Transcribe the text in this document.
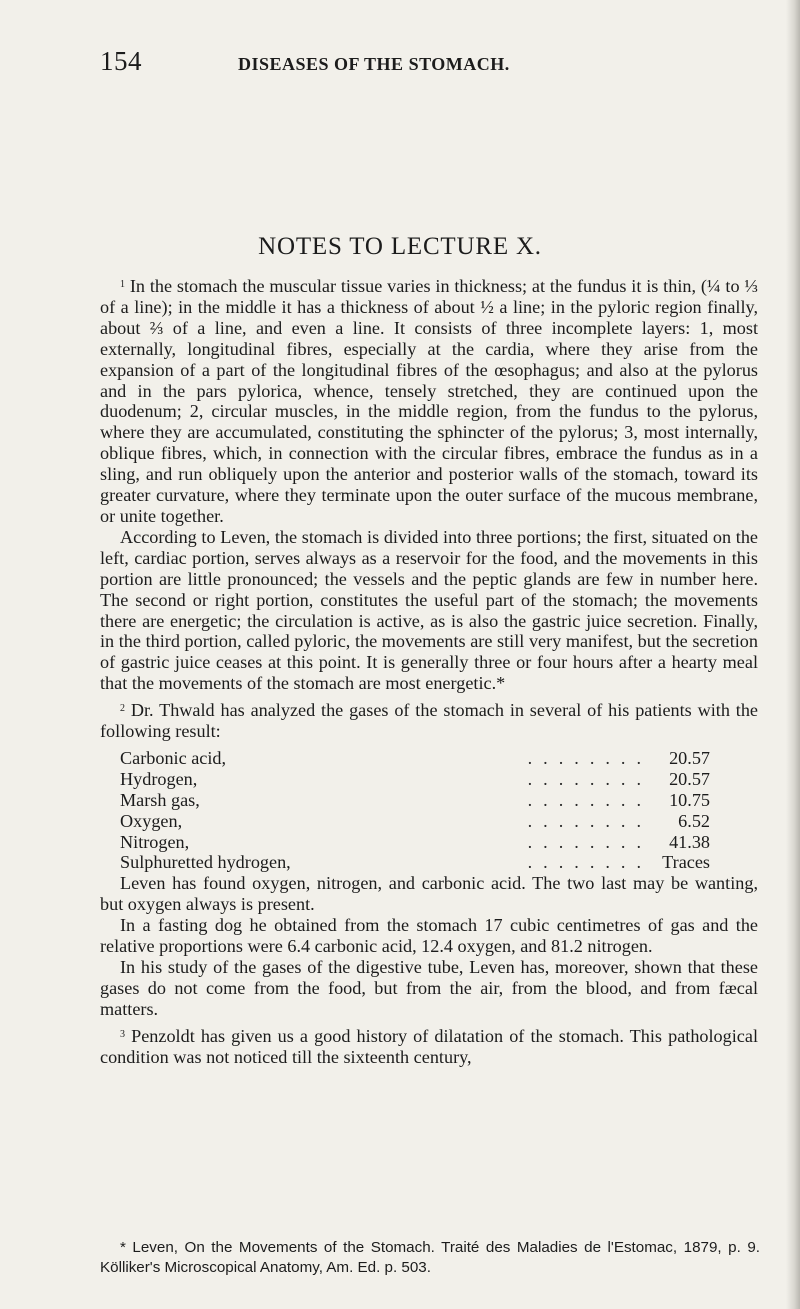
154	DISEASES OF THE STOMACH.
NOTES TO LECTURE X.

$^1$ In the stomach the muscular tissue varies in thickness; at the fundus it is thin, (¼ to ⅓ of a line); in the middle it has a thickness of about ½ a line; in the pyloric region finally, about ⅔ of a line, and even a line. It consists of three incomplete layers: 1, most externally, longitudinal fibres, especially at the cardia, where they arise from the expansion of a part of the longitudinal fibres of the œsophagus; and also at the pylorus and in the pars pylorica, whence, tensely stretched, they are continued upon the duodenum; 2, circular muscles, in the middle region, from the fundus to the pylorus, where they are accumulated, constituting the sphincter of the pylorus; 3, most internally, oblique fibres, which, in connection with the circular fibres, embrace the fundus as in a sling, and run obliquely upon the anterior and posterior walls of the stomach, toward its greater curvature, where they terminate upon the outer surface of the mucous membrane, or unite together.

According to Leven, the stomach is divided into three portions; the first, situated on the left, cardiac portion, serves always as a reservoir for the food, and the movements in this portion are little pronounced; the vessels and the peptic glands are few in number here. The second or right portion, constitutes the useful part of the stomach; the movements there are energetic; the circulation is active, as is also the gastric juice secretion. Finally, in the third portion, called pyloric, the movements are still very manifest, but the secretion of gastric juice ceases at this point. It is generally three or four hours after a hearty meal that the movements of the stomach are most energetic.*

$^2$ Dr. Thwald has analyzed the gases of the stomach in several of his patients with the following result:

Carbonic acid,	........ 20.57
Hydrogen,	........ 20.57
Marsh gas,	........ 10.75
Oxygen,	........	6.52
Nitrogen,	........ 41.38
Sulphuretted hydrogen,	........ Traces

Leven has found oxygen, nitrogen, and carbonic acid. The two last may be wanting, but oxygen always is present.

In a fasting dog he obtained from the stomach 17 cubic centimetres of gas and the relative proportions were 6.4 carbonic acid, 12.4 oxygen, and 81.2 nitrogen.

In his study of the gases of the digestive tube, Leven has, moreover, shown that these gases do not come from the food, but from the air, from the blood, and from fæcal matters.

$^3$ Penzoldt has given us a good history of dilatation of the stomach. This pathological condition was not noticed till the sixteenth century,

* Leven, On the Movements of the Stomach. Traité des Maladies de l'Estomac, 1879, p. 9. Kölliker's Microscopical Anatomy, Am. Ed. p. 503.
